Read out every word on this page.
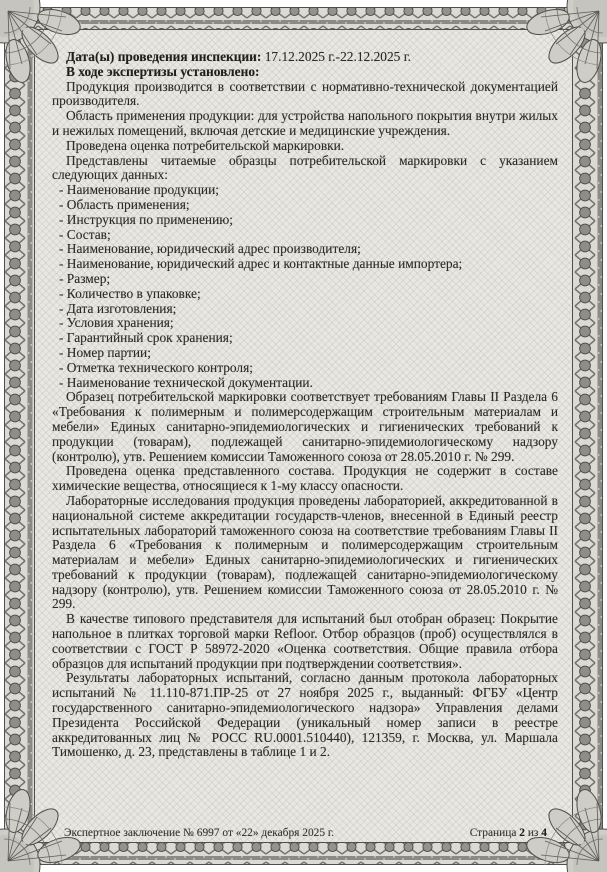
Дата(ы) проведения инспекции: 17.12.2025 г.-22.12.2025 г.

В ходе экспертизы установлено:

Продукция производится в соответствии с нормативно-технической документацией производителя.

Область применения продукции: для устройства напольного покрытия внутри жилых и нежилых помещений, включая детские и медицинские учреждения.

Проведена оценка потребительской маркировки.

Представлены читаемые образцы потребительской маркировки с указанием следующих данных:

- Наименование продукции;

- Область применения;

- Инструкция по применению;

- Состав;

- Наименование, юридический адрес производителя;

- Наименование, юридический адрес и контактные данные импортера;

- Размер;

- Количество в упаковке;

- Дата изготовления;

- Условия хранения;

- Гарантийный срок хранения;

- Номер партии;

- Отметка технического контроля;

- Наименование технической документации.

Образец потребительской маркировки соответствует требованиям Главы II Раздела 6 «Требования к полимерным и полимерсодержащим строительным материалам и мебели» Единых санитарно-эпидемиологических и гигиенических требований к продукции (товарам), подлежащей санитарно-эпидемиологическому надзору (контролю), утв. Решением комиссии Таможенного союза от 28.05.2010 г. № 299.

Проведена оценка представленного состава. Продукция не содержит в составе химические вещества, относящиеся к 1-му классу опасности.

Лабораторные исследования продукция проведены лабораторией, аккредитованной в национальной системе аккредитации государств-членов, внесенной в Единый реестр испытательных лабораторий таможенного союза на соответствие требованиям Главы II Раздела 6 «Требования к полимерным и полимерсодержащим строительным материалам и мебели» Единых санитарно-эпидемиологических и гигиенических требований к продукции (товарам), подлежащей санитарно-эпидемиологическому надзору (контролю), утв. Решением комиссии Таможенного союза от 28.05.2010 г. № 299.

В качестве типового представителя для испытаний был отобран образец: Покрытие напольное в плитках торговой марки Refloor. Отбор образцов (проб) осуществлялся в соответствии с ГОСТ Р 58972-2020 «Оценка соответствия. Общие правила отбора образцов для испытаний продукции при подтверждении соответствия».

Результаты лабораторных испытаний, согласно данным протокола лабораторных испытаний № 11.110-871.ПР-25 от 27 ноября 2025 г., выданный: ФГБУ «Центр государственного санитарно-эпидемиологического надзора» Управления делами Президента Российской Федерации (уникальный номер записи в реестре аккредитованных лиц № РОСС RU.0001.510440), 121359, г. Москва, ул. Маршала Тимошенко, д. 23, представлены в таблице 1 и 2.

Экспертное заключение № 6997 от «22» декабря 2025 г.	Страница 2 из 4
